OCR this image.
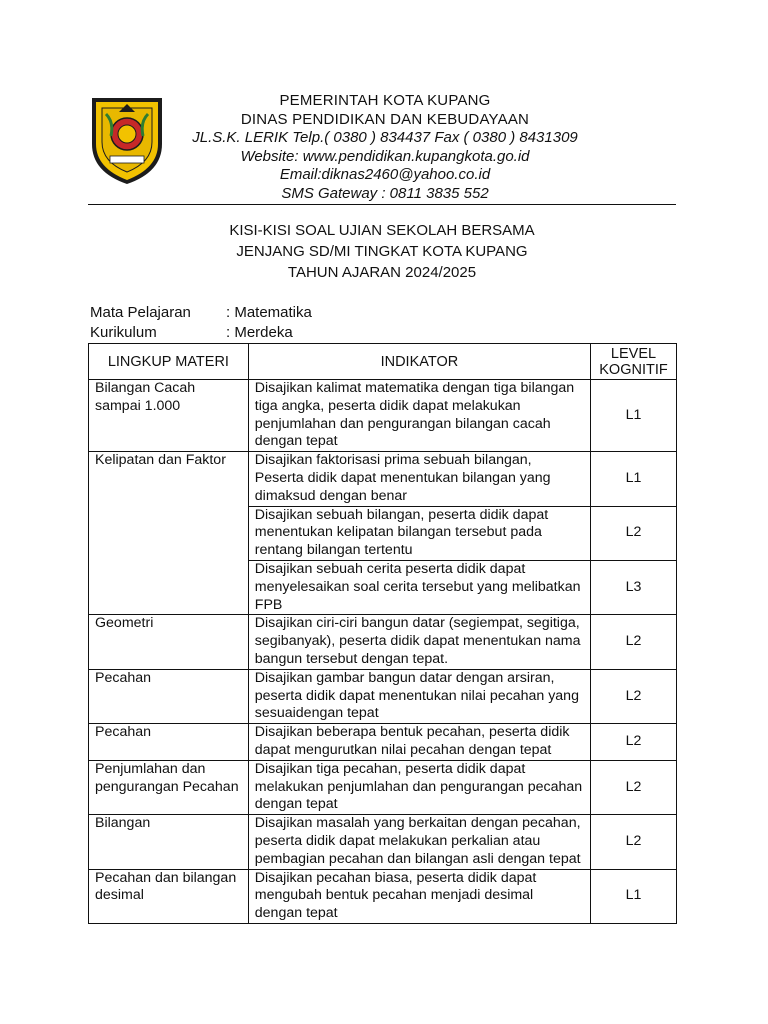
PEMERINTAH KOTA KUPANG
DINAS PENDIDIKAN DAN KEBUDAYAAN
JL.S.K. LERIK Telp.( 0380 ) 834437 Fax ( 0380 ) 8431309
Website: www.pendidikan.kupangkota.go.id
Email:diknas2460@yahoo.co.id
SMS Gateway : 0811 3835 552
KISI-KISI SOAL UJIAN SEKOLAH BERSAMA
JENJANG SD/MI TINGKAT KOTA KUPANG
TAHUN AJARAN 2024/2025
Mata Pelajaran	: Matematika
Kurikulum	: Merdeka
LINGKUP MATERI	INDIKATOR	LEVEL KOGNITIF
Bilangan Cacah sampai 1.000	Disajikan kalimat matematika dengan tiga bilangan tiga angka, peserta didik dapat melakukan penjumlahan dan pengurangan bilangan cacah dengan tepat	L1
Kelipatan dan Faktor	Disajikan faktorisasi prima sebuah bilangan, Peserta didik dapat menentukan bilangan yang dimaksud dengan benar	L1
	Disajikan sebuah bilangan, peserta didik dapat menentukan kelipatan bilangan tersebut pada rentang bilangan tertentu	L2
	Disajikan sebuah cerita peserta didik dapat menyelesaikan soal cerita tersebut yang melibatkan FPB	L3
Geometri	Disajikan ciri-ciri bangun datar (segiempat, segitiga, segibanyak), peserta didik dapat menentukan nama bangun tersebut dengan tepat.	L2
Pecahan	Disajikan gambar bangun datar dengan arsiran, peserta didik dapat menentukan nilai pecahan yang sesuaidengan tepat	L2
Pecahan	Disajikan beberapa bentuk pecahan, peserta didik dapat mengurutkan nilai pecahan dengan tepat	L2
Penjumlahan dan pengurangan Pecahan	Disajikan tiga pecahan, peserta didik dapat melakukan penjumlahan dan pengurangan pecahan dengan tepat	L2
Bilangan	Disajikan masalah yang berkaitan dengan pecahan, peserta didik dapat melakukan perkalian atau pembagian pecahan dan bilangan asli dengan tepat	L2
Pecahan dan bilangan desimal	Disajikan pecahan biasa, peserta didik dapat mengubah bentuk pecahan menjadi desimal dengan tepat	L1
